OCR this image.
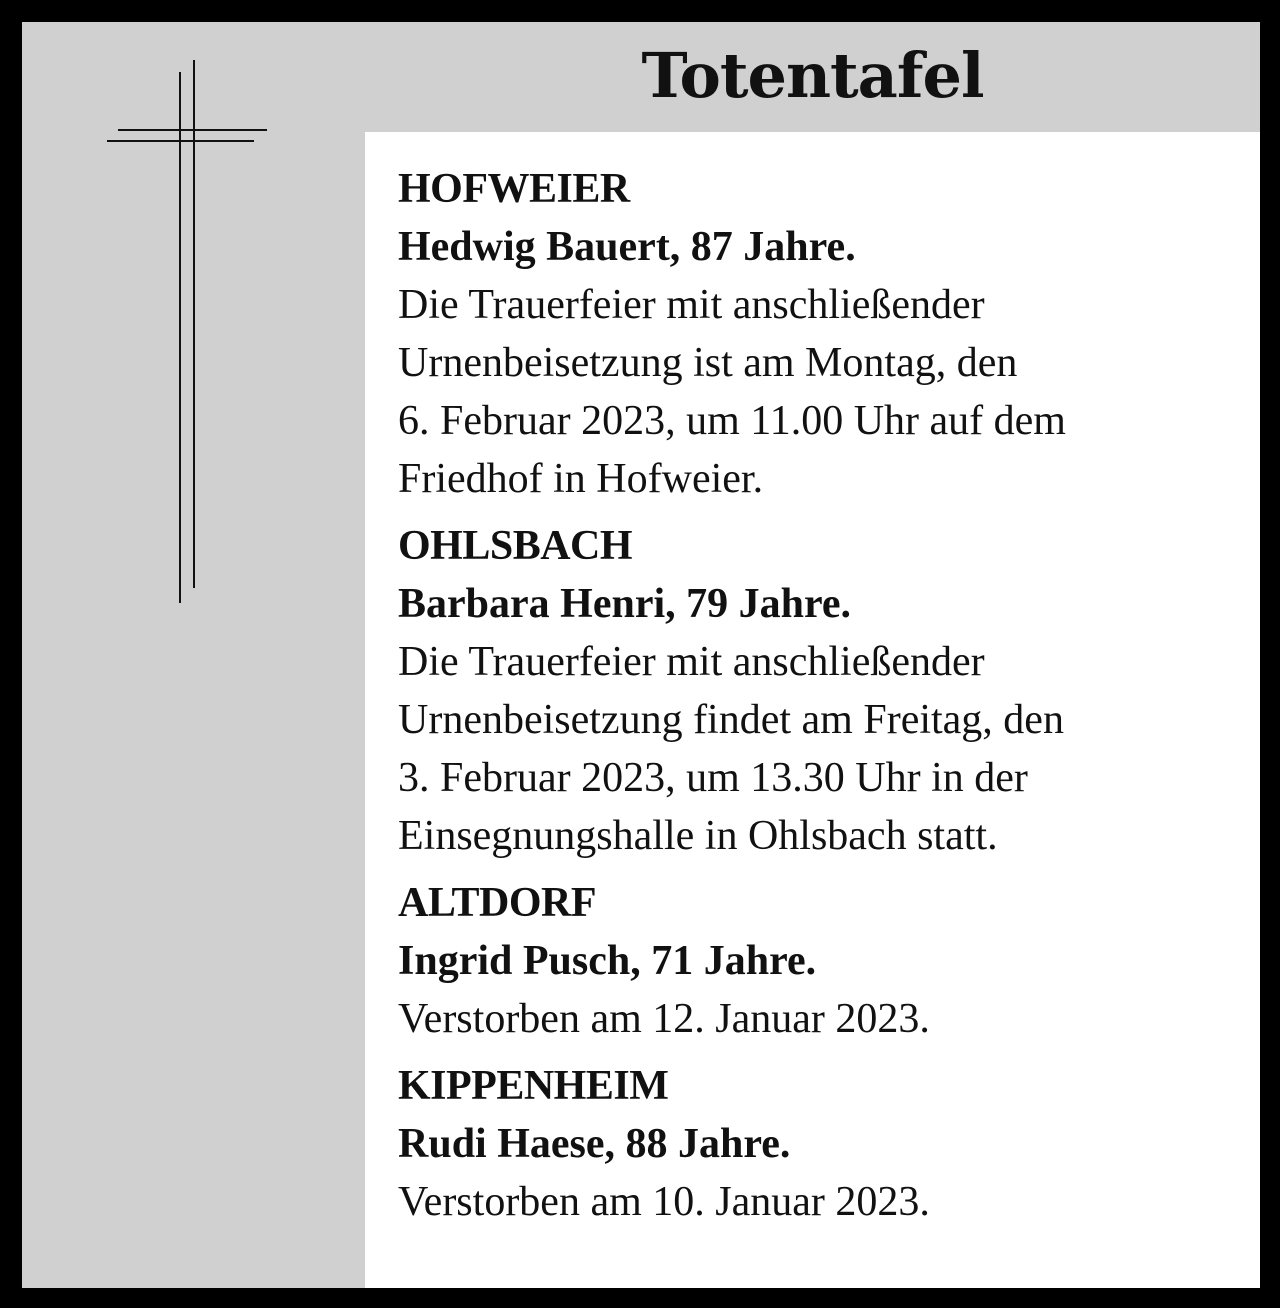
Totentafel
HOFWEIER
Hedwig Bauert, 87 Jahre.
Die Trauerfeier mit anschließender
Urnenbeisetzung ist am Montag, den
6. Februar 2023, um 11.00 Uhr auf dem
Friedhof in Hofweier.
OHLSBACH
Barbara Henri, 79 Jahre.
Die Trauerfeier mit anschließender
Urnenbeisetzung findet am Freitag, den
3. Februar 2023, um 13.30 Uhr in der
Einsegnungshalle in Ohlsbach statt.
ALTDORF
Ingrid Pusch, 71 Jahre.
Verstorben am 12. Januar 2023.
KIPPENHEIM
Rudi Haese, 88 Jahre.
Verstorben am 10. Januar 2023.
